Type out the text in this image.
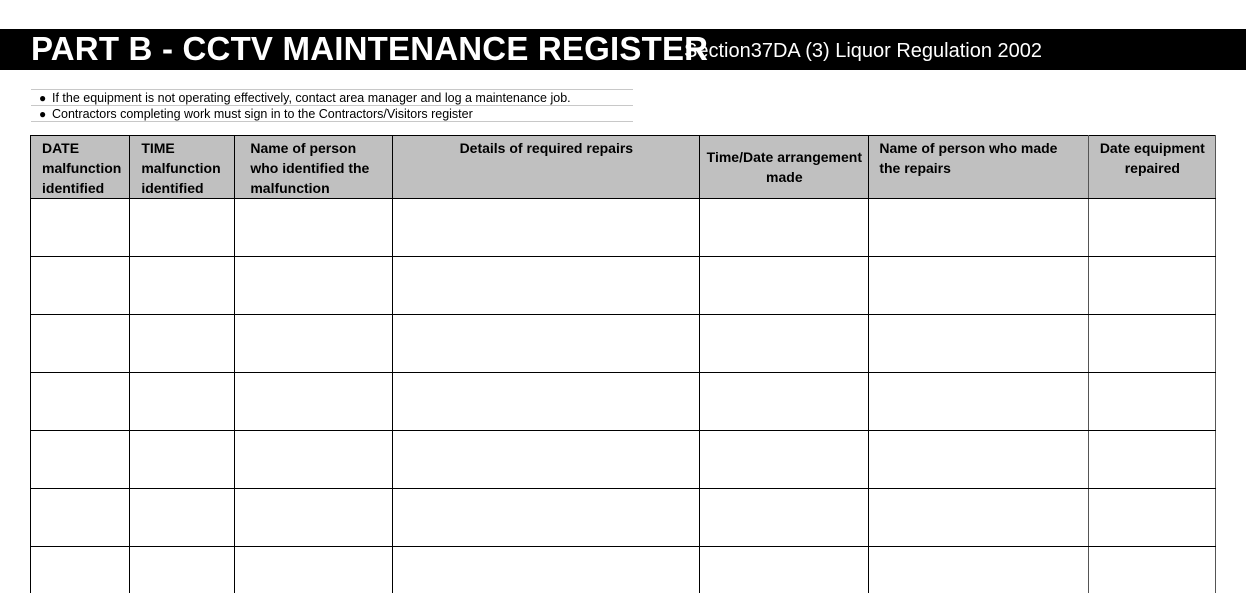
PART B - CCTV MAINTENANCE REGISTER
Section37DA (3) Liquor Regulation 2002
● If the equipment is not operating effectively, contact area manager and log a maintenance job.
● Contractors completing work must sign in to the Contractors/Visitors register
DATE malfunction identified	TIME malfunction identified	Name of person who identified the malfunction	Details of required repairs	Time/Date arrangement made	Name of person who made the repairs	Date equipment repaired
